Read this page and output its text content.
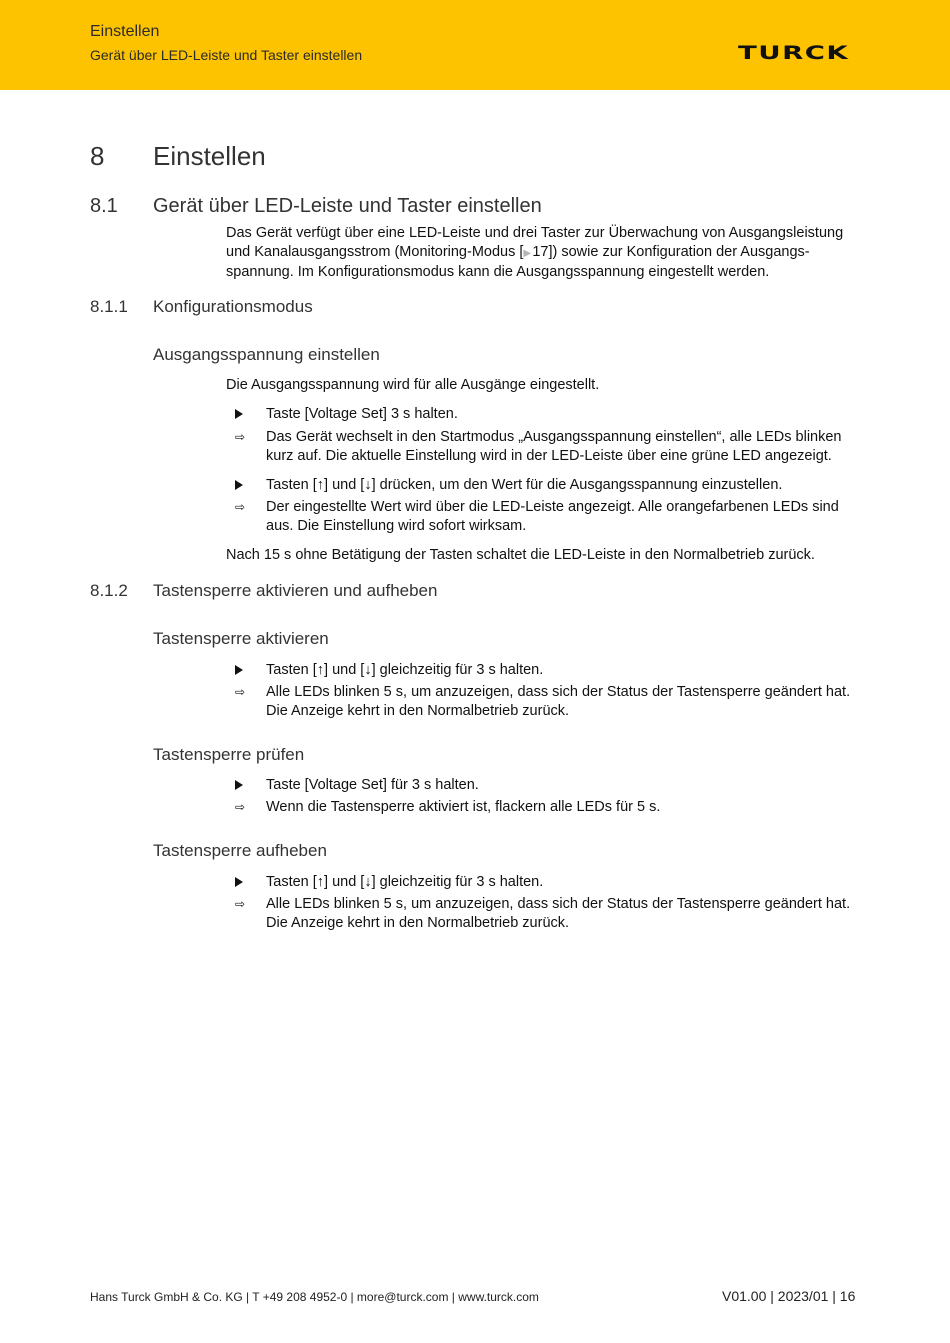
Einstellen
Gerät über LED-Leiste und Taster einstellen	TURCK
8 Einstellen
8.1 Gerät über LED-Leiste und Taster einstellen
Das Gerät verfügt über eine LED-Leiste und drei Taster zur Überwachung von Ausgangsleistung
und Kanalausgangsstrom (Monitoring-Modus [▶ 17]) sowie zur Konfiguration der Ausgangs-
spannung. Im Konfigurationsmodus kann die Ausgangsspannung eingestellt werden.
8.1.1 Konfigurationsmodus
Ausgangsspannung einstellen
Die Ausgangsspannung wird für alle Ausgänge eingestellt.
Taste [Voltage Set] 3 s halten.
⇨	Das Gerät wechselt in den Startmodus „Ausgangsspannung einstellen“, alle LEDs blinken
kurz auf. Die aktuelle Einstellung wird in der LED-Leiste über eine grüne LED angezeigt.
Tasten [↑] und [↓] drücken, um den Wert für die Ausgangsspannung einzustellen.
⇨	Der eingestellte Wert wird über die LED-Leiste angezeigt. Alle orangefarbenen LEDs sind
aus. Die Einstellung wird sofort wirksam.
Nach 15 s ohne Betätigung der Tasten schaltet die LED-Leiste in den Normalbetrieb zurück.
8.1.2 Tastensperre aktivieren und aufheben
Tastensperre aktivieren
Tasten [↑] und [↓] gleichzeitig für 3 s halten.
⇨	Alle LEDs blinken 5 s, um anzuzeigen, dass sich der Status der Tastensperre geändert hat.
Die Anzeige kehrt in den Normalbetrieb zurück.
Tastensperre prüfen
Taste [Voltage Set] für 3 s halten.
⇨	Wenn die Tastensperre aktiviert ist, flackern alle LEDs für 5 s.
Tastensperre aufheben
Tasten [↑] und [↓] gleichzeitig für 3 s halten.
⇨	Alle LEDs blinken 5 s, um anzuzeigen, dass sich der Status der Tastensperre geändert hat.
Die Anzeige kehrt in den Normalbetrieb zurück.
Hans Turck GmbH & Co. KG | T +49 208 4952-0 | more@turck.com | www.turck.com	V01.00 | 2023/01 | 16
